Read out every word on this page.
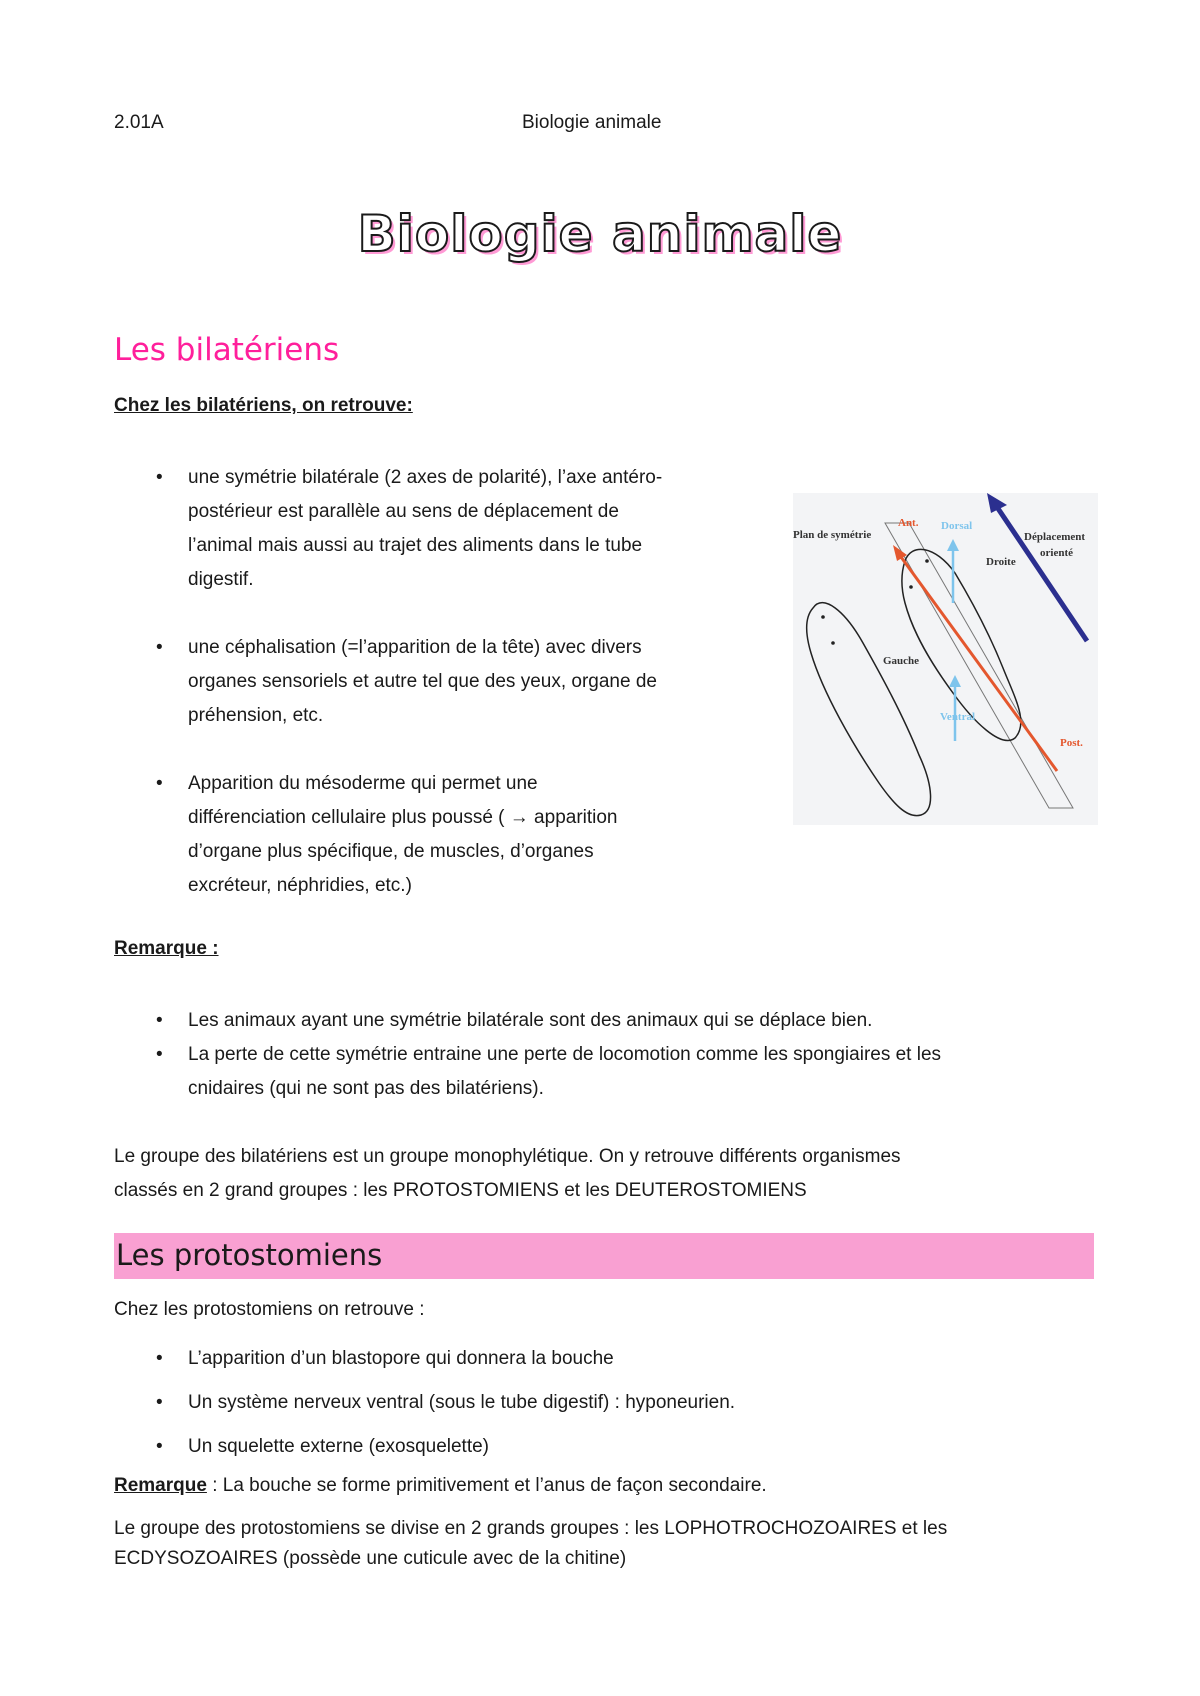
2.01A	Biologie animale
Biologie animale
Les bilatériens
Chez les bilatériens, on retrouve:
• une symétrie bilatérale (2 axes de polarité), l’axe antéro-
postérieur est parallèle au sens de déplacement de
l’animal mais aussi au trajet des aliments dans le tube
digestif.
• une céphalisation (=l’apparition de la tête) avec divers
organes sensoriels et autre tel que des yeux, organe de
préhension, etc.
• Apparition du mésoderme qui permet une
différenciation cellulaire plus poussé ( → apparition
d’organe plus spécifique, de muscles, d’organes
excréteur, néphridies, etc.)
Plan de symétrie
Ant. Dorsal
Déplacement
orienté
Droite
Gauche
Ventral
Post.
Remarque :
• Les animaux ayant une symétrie bilatérale sont des animaux qui se déplace bien.
• La perte de cette symétrie entraine une perte de locomotion comme les spongiaires et les
cnidaires (qui ne sont pas des bilatériens).
Le groupe des bilatériens est un groupe monophylétique. On y retrouve différents organismes
classés en 2 grand groupes : les PROTOSTOMIENS et les DEUTEROSTOMIENS
Les protostomiens
Chez les protostomiens on retrouve :
• L’apparition d’un blastopore qui donnera la bouche
• Un système nerveux ventral (sous le tube digestif) : hyponeurien.
• Un squelette externe (exosquelette)
Remarque : La bouche se forme primitivement et l’anus de façon secondaire.
Le groupe des protostomiens se divise en 2 grands groupes : les LOPHOTROCHOZOAIRES et les
ECDYSOZOAIRES (possède une cuticule avec de la chitine)
